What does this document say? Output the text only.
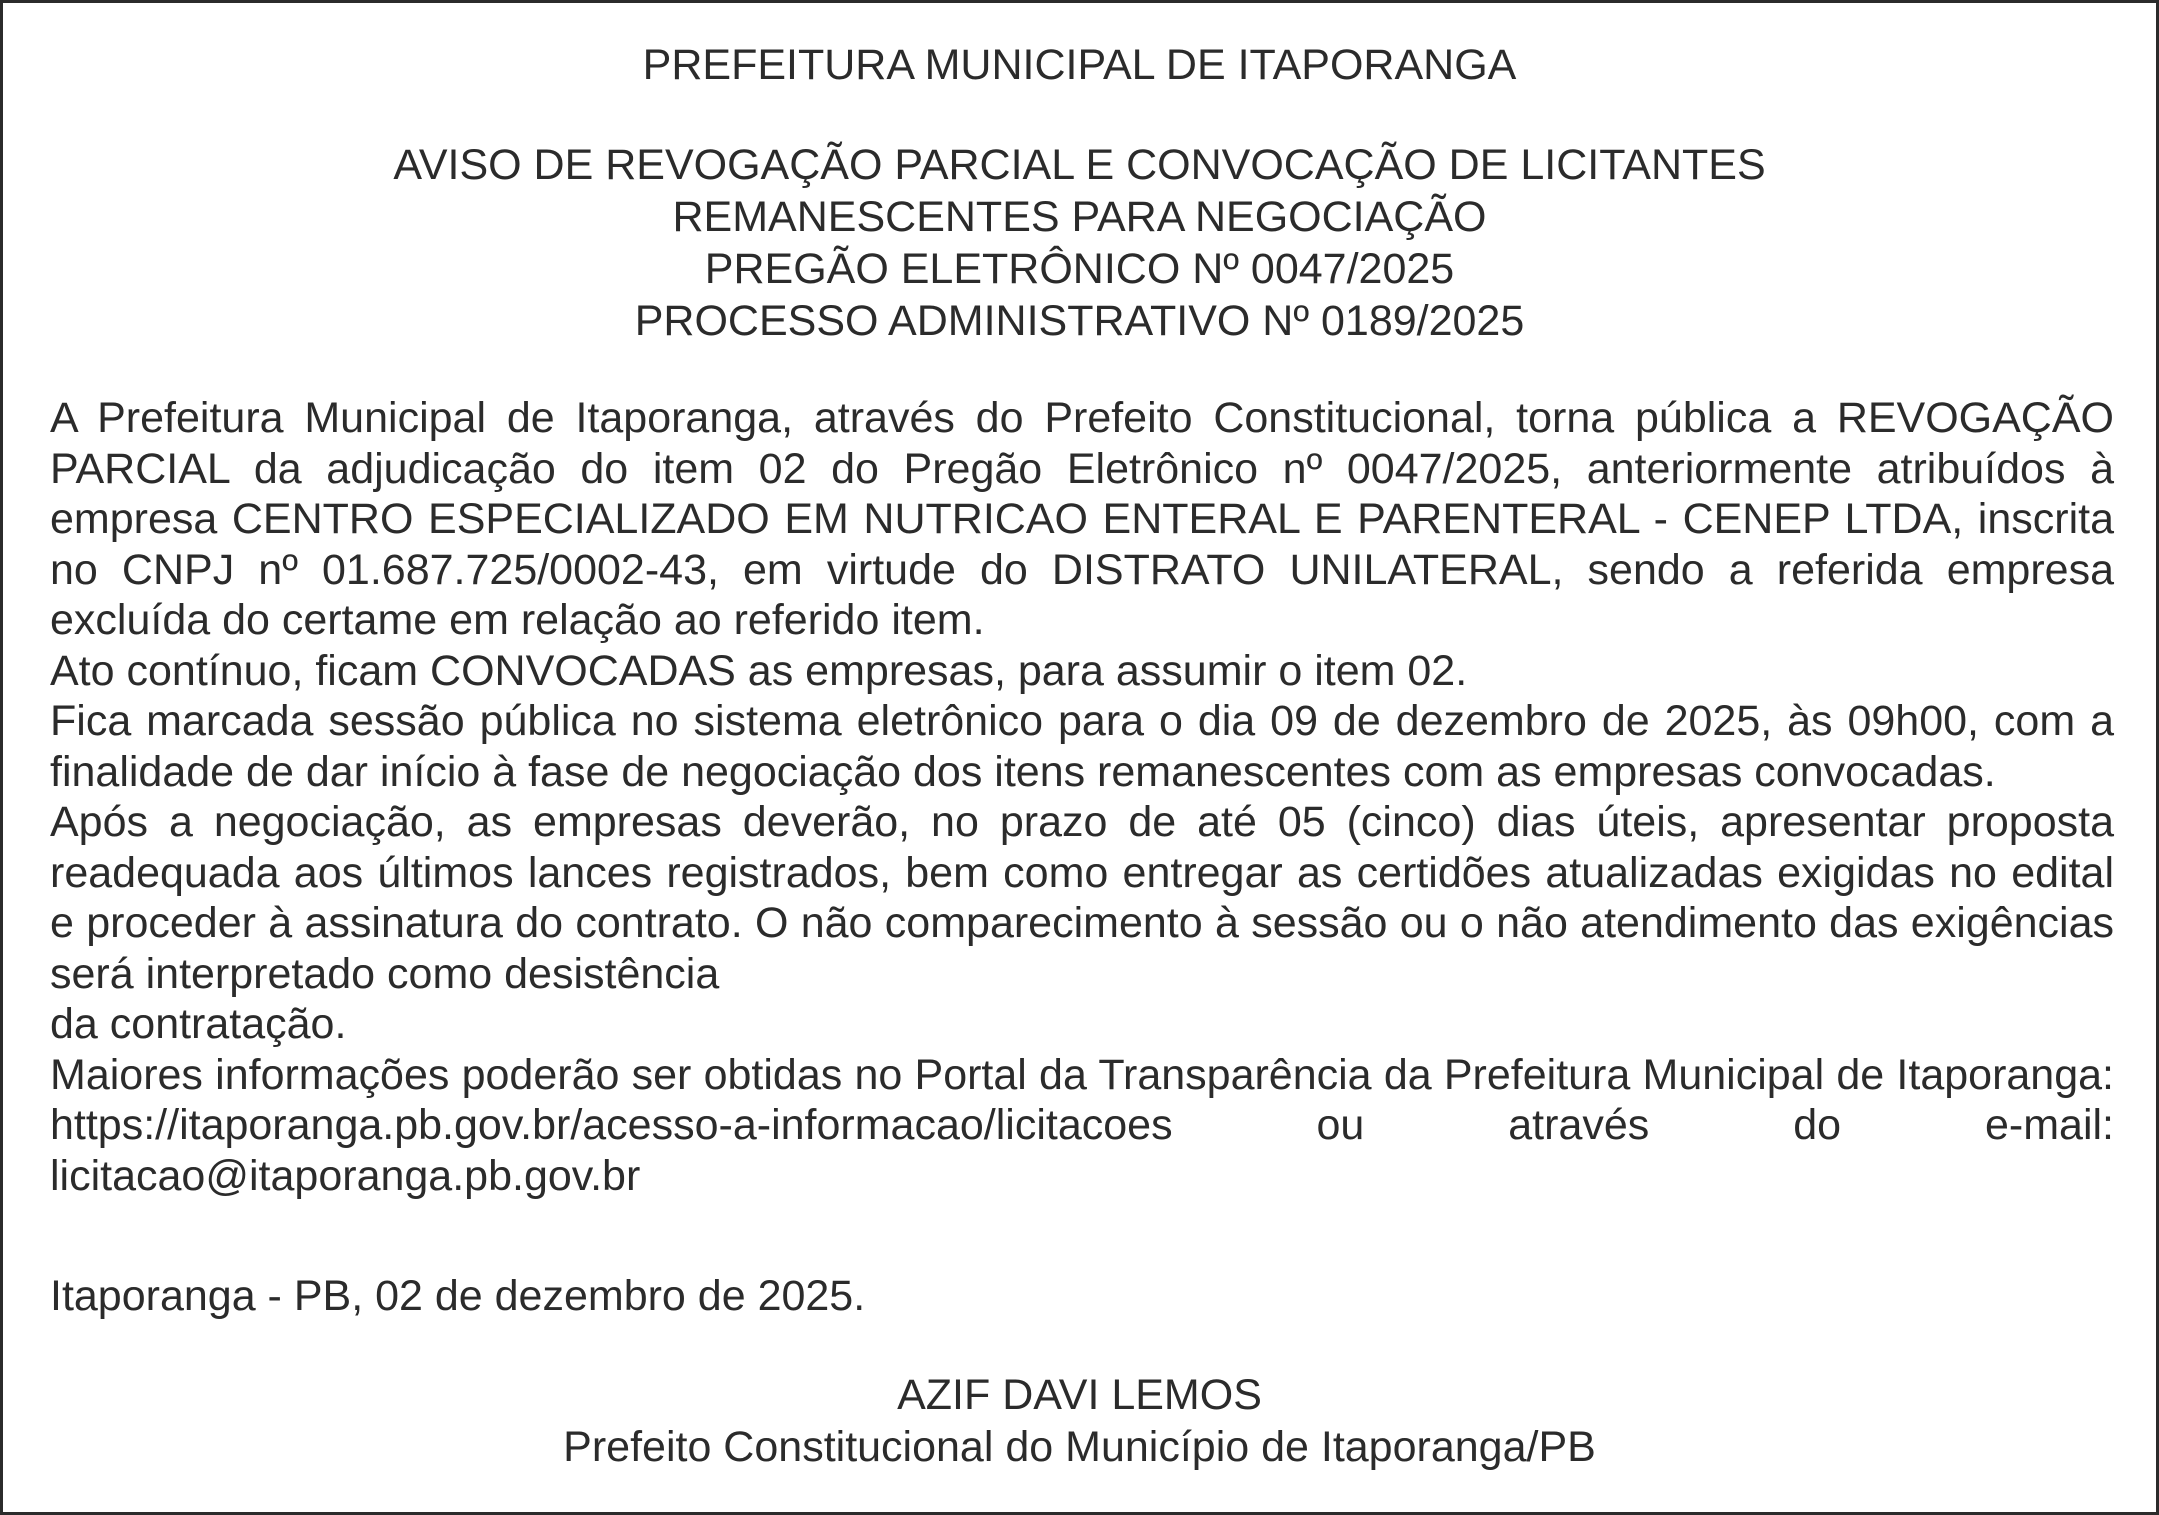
PREFEITURA MUNICIPAL DE ITAPORANGA
AVISO DE REVOGAÇÃO PARCIAL E CONVOCAÇÃO DE LICITANTES
REMANESCENTES PARA NEGOCIAÇÃO
PREGÃO ELETRÔNICO Nº 0047/2025
PROCESSO ADMINISTRATIVO Nº 0189/2025

A Prefeitura Municipal de Itaporanga, através do Prefeito Constitucional, torna pública a REVOGAÇÃO PARCIAL da adjudicação do item 02 do Pregão Eletrônico nº 0047/2025, anteriormente atribuídos à empresa CENTRO ESPECIALIZADO EM NUTRICAO ENTERAL E PARENTERAL - CENEP LTDA, inscrita no CNPJ nº 01.687.725/0002-43, em virtude do DISTRATO UNILATERAL, sendo a referida empresa excluída do certame em relação ao referido item.

Ato contínuo, ficam CONVOCADAS as empresas, para assumir o item 02.

Fica marcada sessão pública no sistema eletrônico para o dia 09 de dezembro de 2025, às 09h00, com a finalidade de dar início à fase de negociação dos itens remanescentes com as empresas convocadas.

Após a negociação, as empresas deverão, no prazo de até 05 (cinco) dias úteis, apresentar proposta readequada aos últimos lances registrados, bem como entregar as certidões atualizadas exigidas no edital e proceder à assinatura do contrato. O não comparecimento à sessão ou o não atendimento das exigências será interpretado como desistência

da contratação.

Maiores informações poderão ser obtidas no Portal da Transparência da Prefeitura Municipal de Itaporanga: https://itaporanga.pb.gov.br/acesso-a-informacao/licitacoes ou através do e-mail: licitacao@itaporanga.pb.gov.br

Itaporanga - PB, 02 de dezembro de 2025.
AZIF DAVI LEMOS
Prefeito Constitucional do Município de Itaporanga/PB
